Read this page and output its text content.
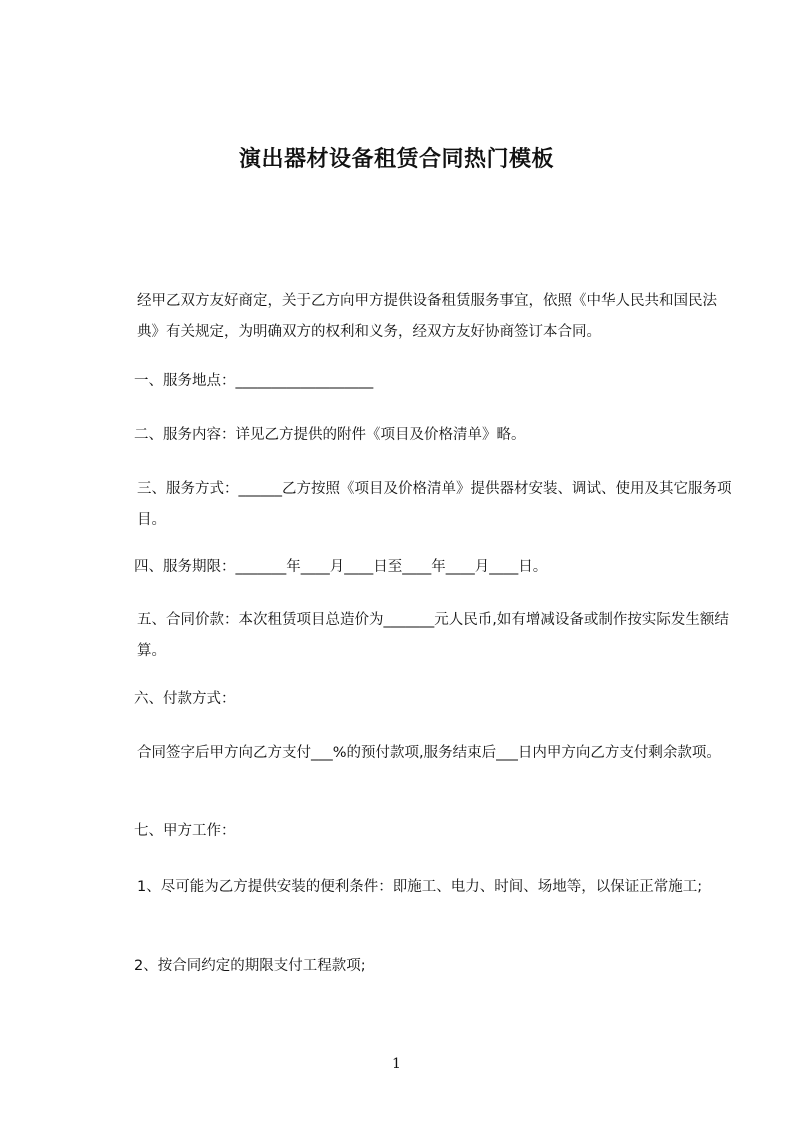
演出器材设备租赁合同热门模板
经甲乙双方友好商定，关于乙方向甲方提供设备租赁服务事宜，依照《中华人民共和国民法典》有关规定，为明确双方的权利和义务，经双方友好协商签订本合同。
一、服务地点：___________________
二、服务内容：详见乙方提供的附件《项目及价格清单》略。
三、服务方式：______乙方按照《项目及价格清单》提供器材安装、调试、使用及其它服务项目。
四、服务期限：_______年____月____日至____年____月____日。
五、合同价款：本次租赁项目总造价为_______元人民币,如有增减设备或制作按实际发生额结算。
六、付款方式：
合同签字后甲方向乙方支付___%的预付款项,服务结束后___日内甲方向乙方支付剩余款项。
七、甲方工作：
1、尽可能为乙方提供安装的便利条件：即施工、电力、时间、场地等，以保证正常施工;
2、按合同约定的期限支付工程款项;
1
